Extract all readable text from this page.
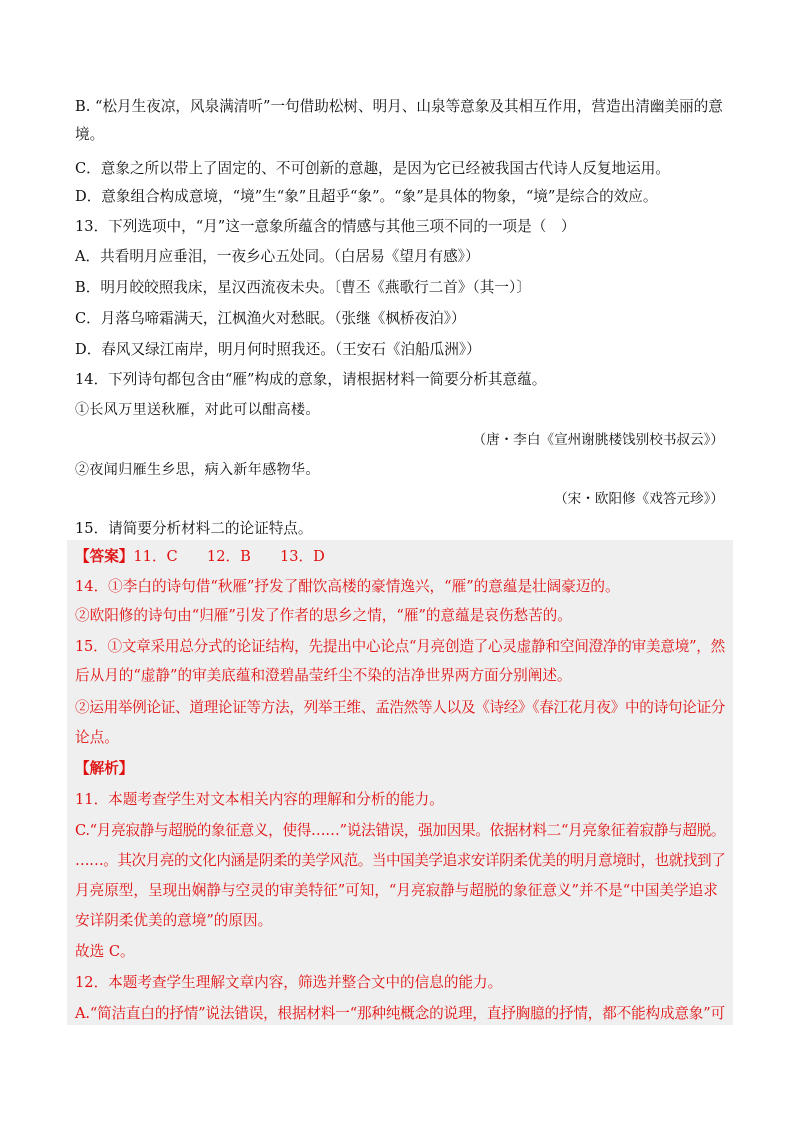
B. “松月生夜凉，风泉满清听”一句借助松树、明月、山泉等意象及其相互作用，营造出清幽美丽的意
境。
C．意象之所以带上了固定的、不可创新的意趣，是因为它已经被我国古代诗人反复地运用。
D．意象组合构成意境，“境”生“象”且超乎“象”。“象”是具体的物象，“境”是综合的效应。
13．下列选项中，“月”这一意象所蕴含的情感与其他三项不同的一项是（　）
A．共看明月应垂泪，一夜乡心五处同。（白居易《望月有感》）
B．明月皎皎照我床，星汉西流夜未央。〔曹丕《燕歌行二首》（其一）〕
C．月落乌啼霜满天，江枫渔火对愁眠。（张继《枫桥夜泊》）
D．春风又绿江南岸，明月何时照我还。（王安石《泊船瓜洲》）
14．下列诗句都包含由“雁”构成的意象，请根据材料一简要分析其意蕴。
①长风万里送秋雁，对此可以酣高楼。
（唐・李白《宣州谢朓楼饯别校书叔云》）
②夜闻归雁生乡思，病入新年感物华。
（宋・欧阳修《戏答元珍》）
15．请简要分析材料二的论证特点。
【答案】11．C　　12．B　　13．D
14．①李白的诗句借“秋雁”抒发了酣饮高楼的豪情逸兴，“雁”的意蕴是壮阔豪迈的。
②欧阳修的诗句由“归雁”引发了作者的思乡之情，“雁”的意蕴是哀伤愁苦的。
15．①文章采用总分式的论证结构，先提出中心论点“月亮创造了心灵虚静和空间澄净的审美意境”，然
后从月的“虚静”的审美底蕴和澄碧晶莹纤尘不染的洁净世界两方面分别阐述。
②运用举例论证、道理论证等方法，列举王维、孟浩然等人以及《诗经》《春江花月夜》中的诗句论证分
论点。
【解析】
11．本题考查学生对文本相关内容的理解和分析的能力。
C.“月亮寂静与超脱的象征意义，使得……”说法错误，强加因果。依据材料二“月亮象征着寂静与超脱。
……。其次月亮的文化内涵是阴柔的美学风范。当中国美学追求安详阴柔优美的明月意境时，也就找到了
月亮原型，呈现出娴静与空灵的审美特征”可知，“月亮寂静与超脱的象征意义”并不是“中国美学追求
安详阴柔优美的意境”的原因。
故选 C。
12．本题考查学生理解文章内容，筛选并整合文中的信息的能力。
A.“简洁直白的抒情”说法错误，根据材料一“那种纯概念的说理，直抒胸臆的抒情，都不能构成意象”可
